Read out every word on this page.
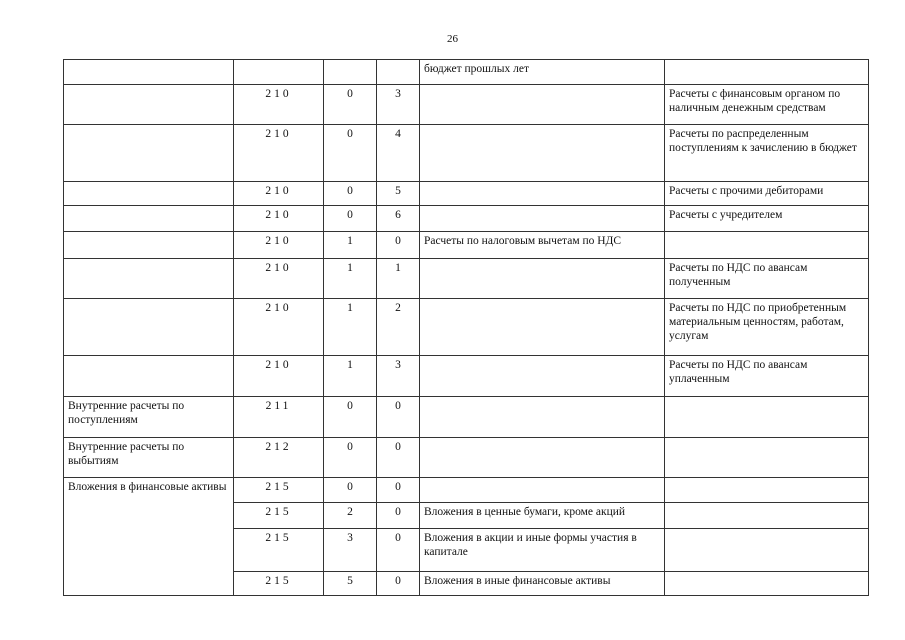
26
				бюджет прошлых лет	
	210	0	3		Расчеты с финансовым органом по наличным денежным средствам
	210	0	4		Расчеты по распределенным поступлениям к зачислению в бюджет
	210	0	5		Расчеты с прочими дебиторами
	210	0	6		Расчеты с учредителем
	210	1	0	Расчеты по налоговым вычетам по НДС	
	210	1	1		Расчеты по НДС по авансам полученным
	210	1	2		Расчеты по НДС по приобретенным материальным ценностям, работам, услугам
	210	1	3		Расчеты по НДС по авансам уплаченным
Внутренние расчеты по поступлениям	211	0	0		
Внутренние расчеты по выбытиям	212	0	0		
Вложения в финансовые активы	215	0	0		
	215	2	0	Вложения в ценные бумаги, кроме акций	
	215	3	0	Вложения в акции и иные формы участия в капитале	
	215	5	0	Вложения в иные финансовые активы	
